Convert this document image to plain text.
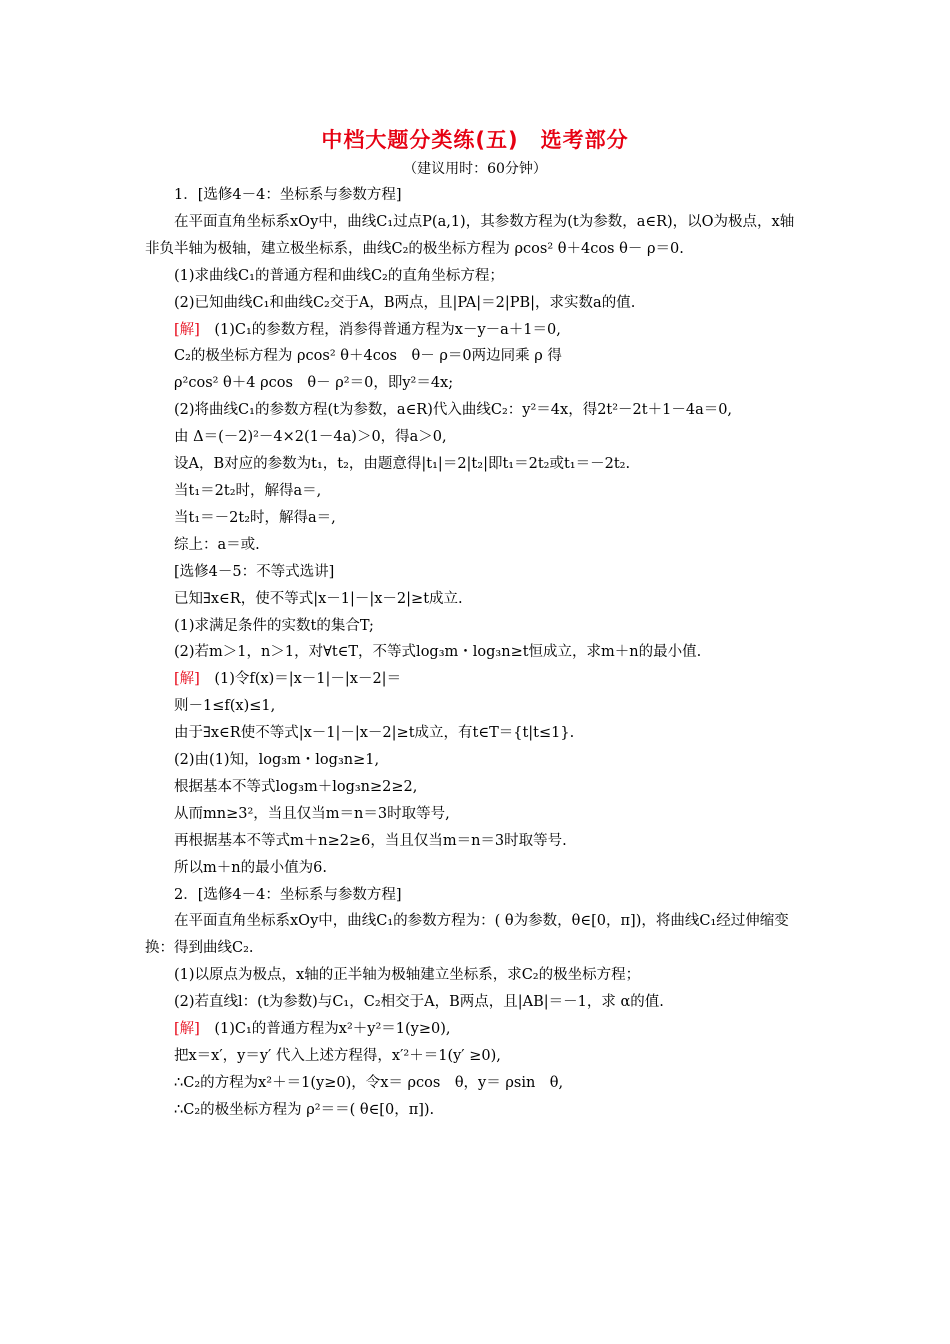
中档大题分类练(五)　选考部分
（建议用时：60分钟）

1．[选修4－4：坐标系与参数方程]

在平面直角坐标系xOy中，曲线C₁过点P(a,1)，其参数方程为(t为参数，a∈R)，以O为极点，x轴非负半轴为极轴，建立极坐标系，曲线C₂的极坐标方程为 ρcos² θ＋4cos θ－ ρ＝0.

(1)求曲线C₁的普通方程和曲线C₂的直角坐标方程；

(2)已知曲线C₁和曲线C₂交于A，B两点，且|PA|＝2|PB|，求实数a的值.

[解]　(1)C₁的参数方程，消参得普通方程为x－y－a＋1＝0,

C₂的极坐标方程为 ρcos² θ＋4cos　θ－ ρ＝0两边同乘 ρ 得

ρ²cos² θ＋4 ρcos　θ－ ρ²＝0，即y²＝4x;

(2)将曲线C₁的参数方程(t为参数，a∈R)代入曲线C₂：y²＝4x，得2t²－2t＋1－4a＝0,

由 Δ＝(－2)²－4×2(1－4a)＞0，得a＞0,

设A，B对应的参数为t₁，t₂，由题意得|t₁|＝2|t₂|即t₁＝2t₂或t₁＝－2t₂.

当t₁＝2t₂时，解得a＝,

当t₁＝－2t₂时，解得a＝,

综上：a＝或.

[选修4－5：不等式选讲]

已知∃x∈R，使不等式|x－1|－|x－2|≥t成立.

(1)求满足条件的实数t的集合T;

(2)若m＞1，n＞1，对∀t∈T，不等式log₃m・log₃n≥t恒成立，求m＋n的最小值.

[解]　(1)令f(x)＝|x－1|－|x－2|＝

则－1≤f(x)≤1,

由于∃x∈R使不等式|x－1|－|x－2|≥t成立，有t∈T＝{t|t≤1}.

(2)由(1)知，log₃m・log₃n≥1,

根据基本不等式log₃m＋log₃n≥2≥2,

从而mn≥3²，当且仅当m＝n＝3时取等号,

再根据基本不等式m＋n≥2≥6，当且仅当m＝n＝3时取等号.

所以m＋n的最小值为6.

2．[选修4－4：坐标系与参数方程]

在平面直角坐标系xOy中，曲线C₁的参数方程为：( θ为参数，θ∈[0，π])，将曲线C₁经过伸缩变换：得到曲线C₂.

(1)以原点为极点，x轴的正半轴为极轴建立坐标系，求C₂的极坐标方程；

(2)若直线l：(t为参数)与C₁，C₂相交于A，B两点，且|AB|＝－1，求 α的值.

[解]　(1)C₁的普通方程为x²＋y²＝1(y≥0),

把x＝x′，y＝y′ 代入上述方程得，x′²＋＝1(y′ ≥0),

∴C₂的方程为x²＋＝1(y≥0)，令x＝ ρcos　θ，y＝ ρsin　θ,

∴C₂的极坐标方程为 ρ²＝＝( θ∈[0，π]).
